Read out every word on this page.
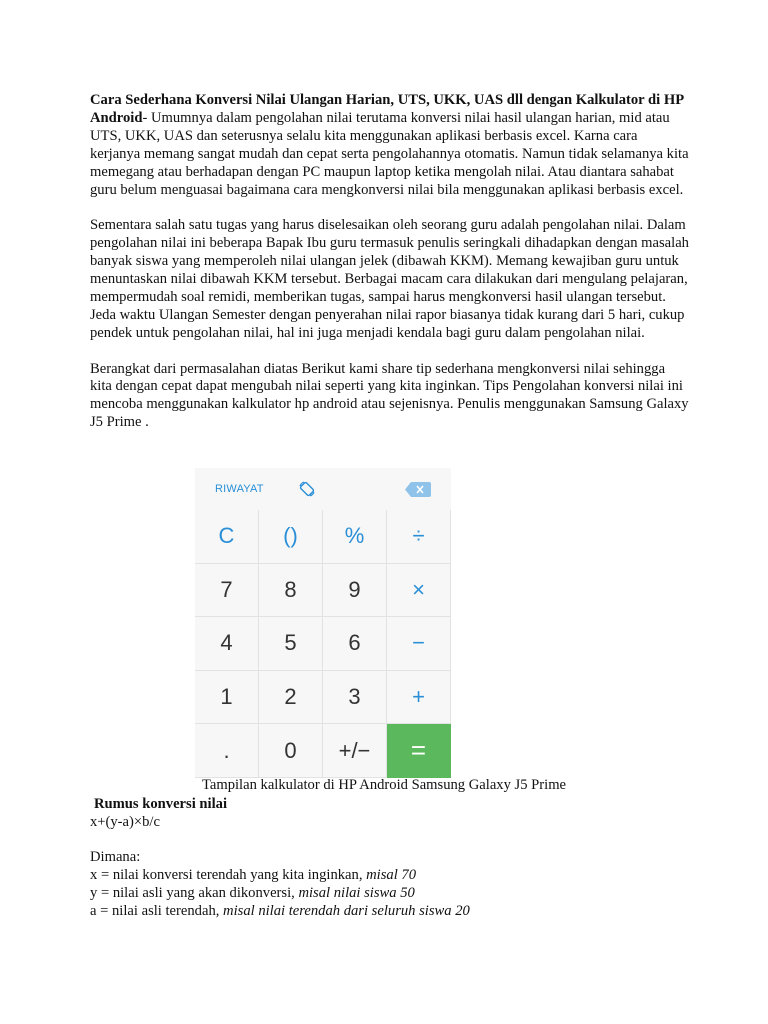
Cara Sederhana Konversi Nilai Ulangan Harian, UTS, UKK, UAS dll dengan Kalkulator di HP Android- Umumnya dalam pengolahan nilai terutama konversi nilai hasil ulangan harian, mid atau UTS, UKK, UAS dan seterusnya selalu kita menggunakan aplikasi berbasis excel. Karna cara kerjanya memang sangat mudah dan cepat serta pengolahannya otomatis. Namun tidak selamanya kita memegang atau berhadapan dengan PC maupun laptop ketika mengolah nilai. Atau diantara sahabat guru belum menguasai bagaimana cara mengkonversi nilai bila menggunakan aplikasi berbasis excel.

Sementara salah satu tugas yang harus diselesaikan oleh seorang guru adalah pengolahan nilai. Dalam pengolahan nilai ini beberapa Bapak Ibu guru termasuk penulis seringkali dihadapkan dengan masalah banyak siswa yang memperoleh nilai ulangan jelek (dibawah KKM). Memang kewajiban guru untuk menuntaskan nilai dibawah KKM tersebut. Berbagai macam cara dilakukan dari mengulang pelajaran, mempermudah soal remidi, memberikan tugas, sampai harus mengkonversi hasil ulangan tersebut. Jeda waktu Ulangan Semester dengan penyerahan nilai rapor biasanya tidak kurang dari 5 hari, cukup pendek untuk pengolahan nilai, hal ini juga menjadi kendala bagi guru dalam pengolahan nilai.

Berangkat dari permasalahan diatas Berikut kami share tip sederhana mengkonversi nilai sehingga kita dengan cepat dapat mengubah nilai seperti yang kita inginkan. Tips Pengolahan konversi nilai ini mencoba menggunakan kalkulator hp android atau sejenisnya. Penulis menggunakan Samsung Galaxy J5 Prime .

RIWAYAT
C	()	%	÷
7	8	9	×
4	5	6	−
1	2	3	+
.	0	+/−	=
Tampilan kalkulator di HP Android Samsung Galaxy J5 Prime
Rumus konversi nilai
x+(y-a)×b/c
Dimana:
x = nilai konversi terendah yang kita inginkan, misal 70
y = nilai asli yang akan dikonversi, misal nilai siswa 50
a = nilai asli terendah, misal nilai terendah dari seluruh siswa 20
